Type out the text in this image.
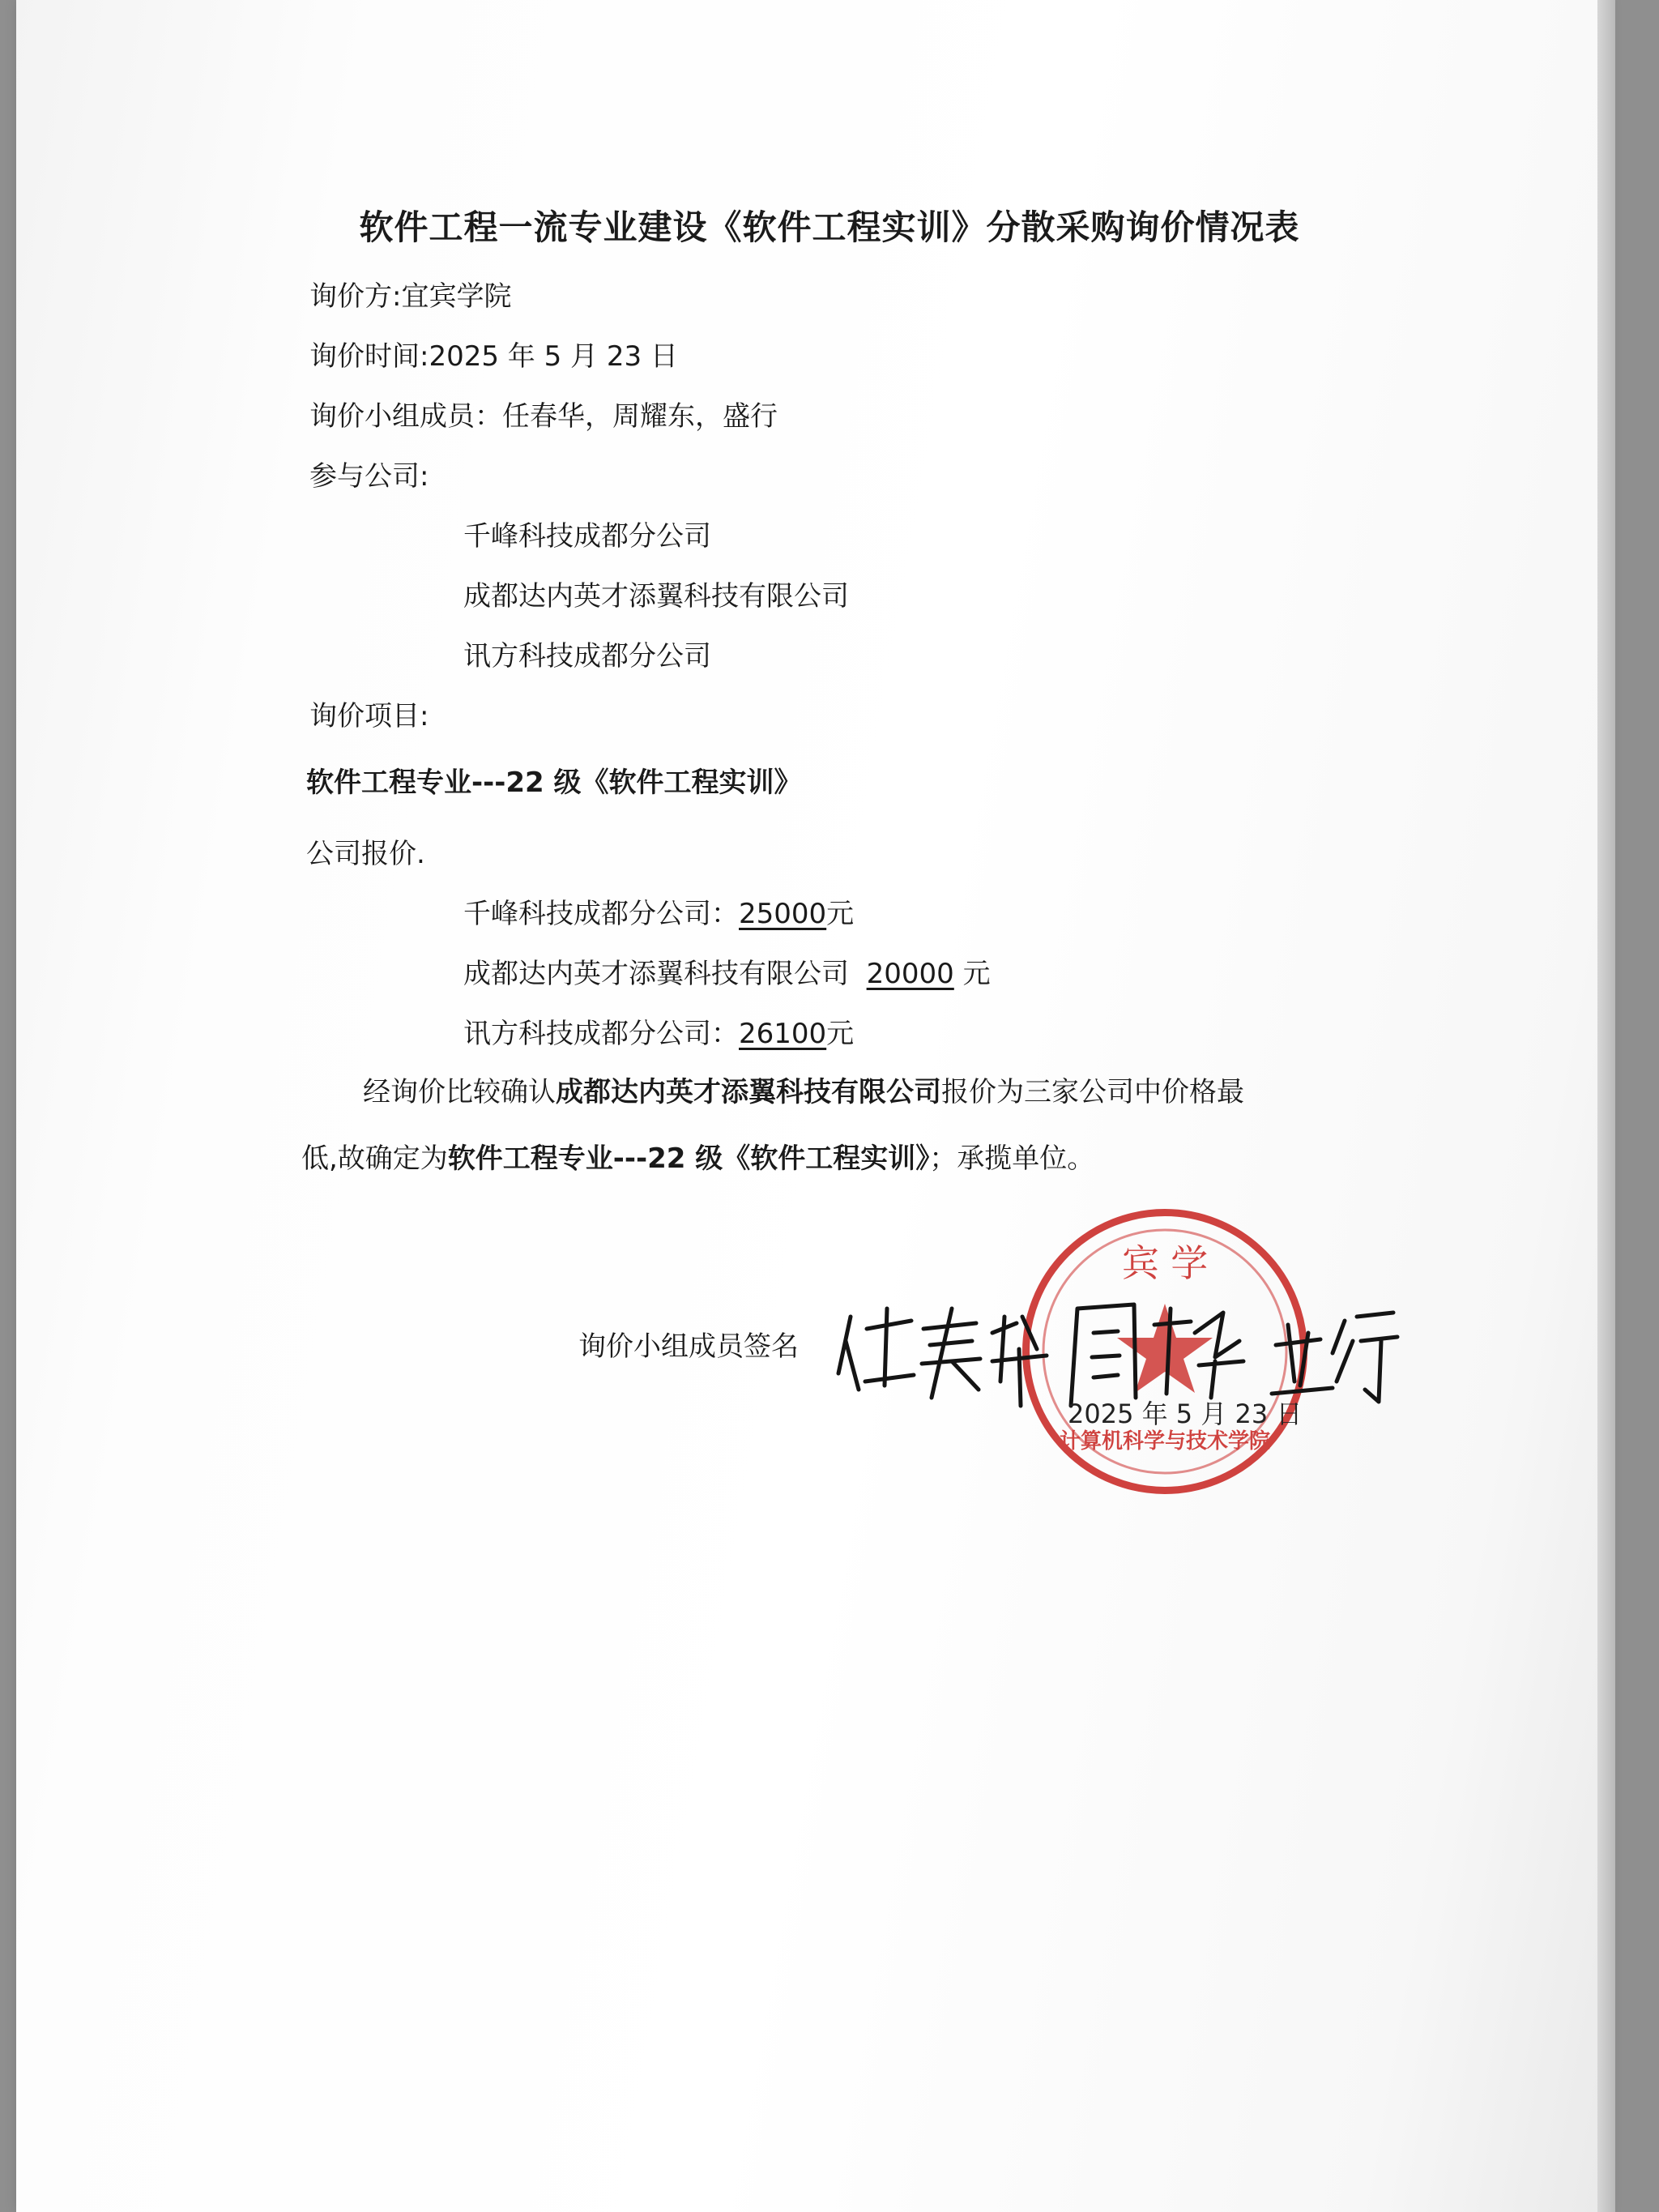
软件工程一流专业建设《软件工程实训》分散采购询价情况表

询价方:宜宾学院

询价时间:2025 年 5 月 23 日

询价小组成员：任春华，周耀东，盛行

参与公司:

千峰科技成都分公司

成都达内英才添翼科技有限公司

讯方科技成都分公司

询价项目:

软件工程专业---22 级《软件工程实训》

公司报价.

千峰科技成都分公司：25000元

成都达内英才添翼科技有限公司 20000 元

讯方科技成都分公司：26100元

经询价比较确认成都达内英才添翼科技有限公司报价为三家公司中价格最

低,故确定为软件工程专业---22 级《软件工程实训》；承揽单位。

询价小组成员签名

宾 学
计算机科学与技术学院
2025 年 5 月 23 日
